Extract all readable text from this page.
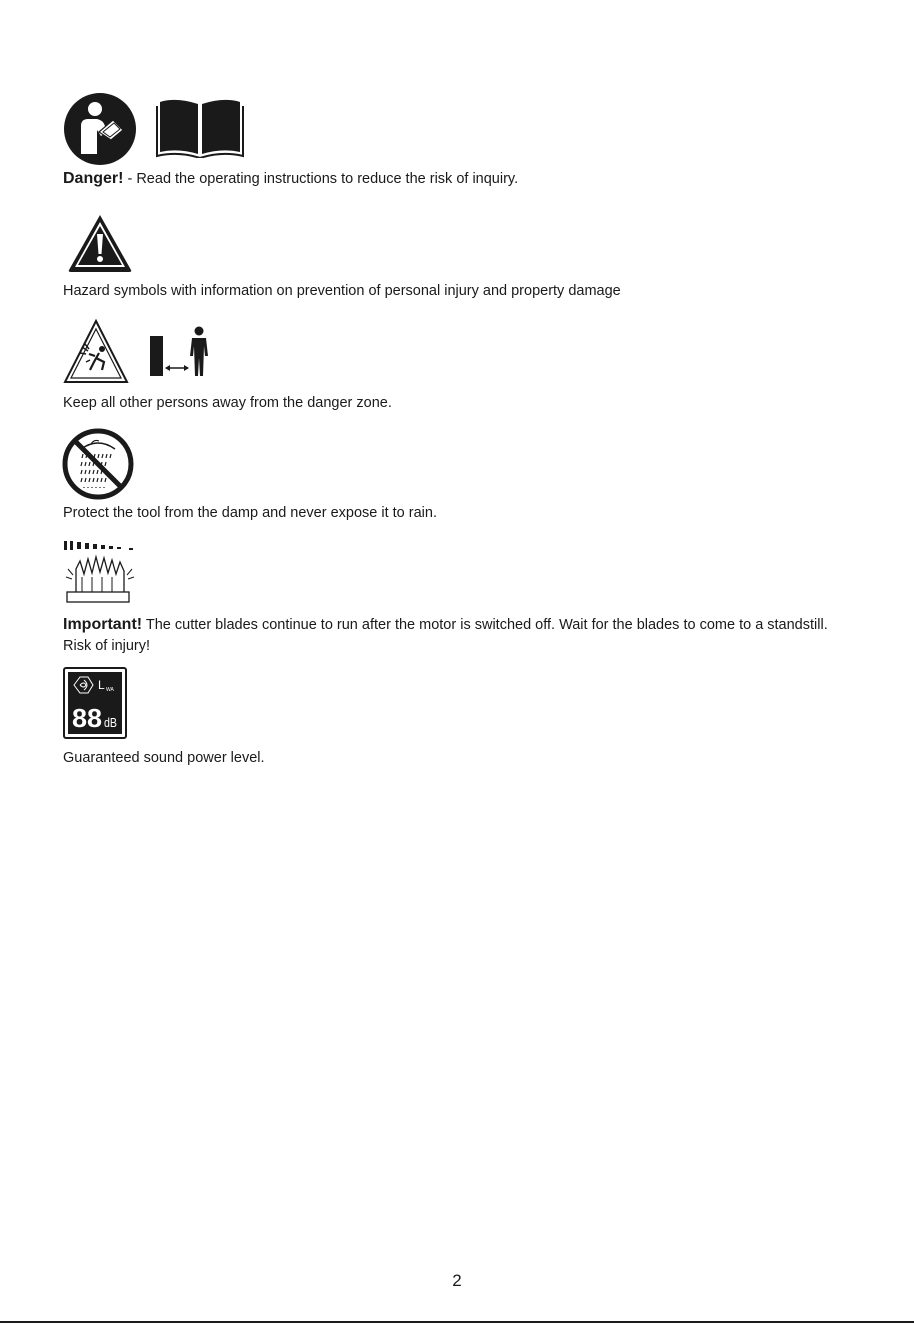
Danger! - Read the operating instructions to reduce the risk of inquiry.
Hazard symbols with information on prevention of personal injury and property damage
Keep all other persons away from the danger zone.
Protect the tool from the damp and never expose it to rain.
Important! The cutter blades continue to run after the motor is switched off. Wait for the blades to come to a standstill. Risk of injury!
L WA
88 dB
Guaranteed sound power level.
2
